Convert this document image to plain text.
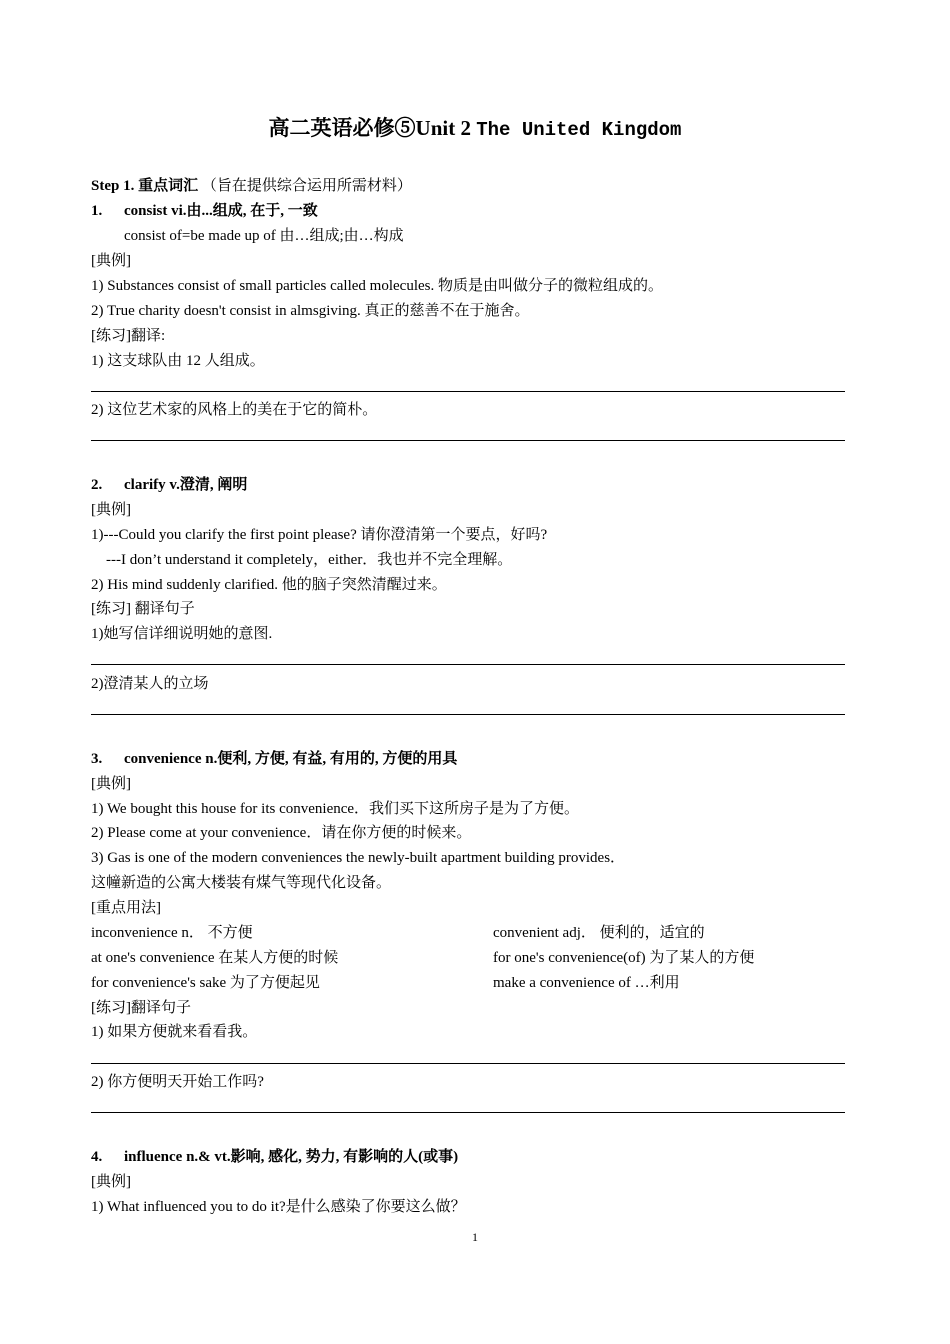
高二英语必修⑤Unit 2 The United Kingdom
Step 1. 重点词汇 （旨在提供综合运用所需材料）
1. consist vi.由...组成, 在于, 一致
consist of=be made up of 由…组成;由…构成
[典例]
1) Substances consist of small particles called molecules. 物质是由叫做分子的微粒组成的。
2) True charity doesn't consist in almsgiving. 真正的慈善不在于施舍。
[练习]翻译:
1) 这支球队由 12 人组成。
2) 这位艺术家的风格上的美在于它的简朴。
2. clarify v.澄清, 阐明
[典例]
1)---Could you clarify the first point please? 请你澄清第一个要点，好吗?
---I don’t understand it completely，either．我也并不完全理解。
2) His mind suddenly clarified. 他的脑子突然清醒过来。
[练习] 翻译句子
1)她写信详细说明她的意图.
2)澄清某人的立场
3. convenience n.便利, 方便, 有益, 有用的, 方便的用具
[典例]
1) We bought this house for its convenience．我们买下这所房子是为了方便。
2) Please come at your convenience．请在你方便的时候来。
3) Gas is one of the modern conveniences the newly-built apartment building provides．
这幢新造的公寓大楼装有煤气等现代化设备。
[重点用法]
inconvenience n． 不方便	convenient adj． 便利的，适宜的
at one's convenience 在某人方便的时候	for one's convenience(of) 为了某人的方便
for convenience's sake 为了方便起见	make a convenience of …利用
[练习]翻译句子
1) 如果方便就来看看我。
2) 你方便明天开始工作吗?
4. influence n.& vt.影响, 感化, 势力, 有影响的人(或事)
[典例]
1) What influenced you to do it?是什么感染了你要这么做？
1
